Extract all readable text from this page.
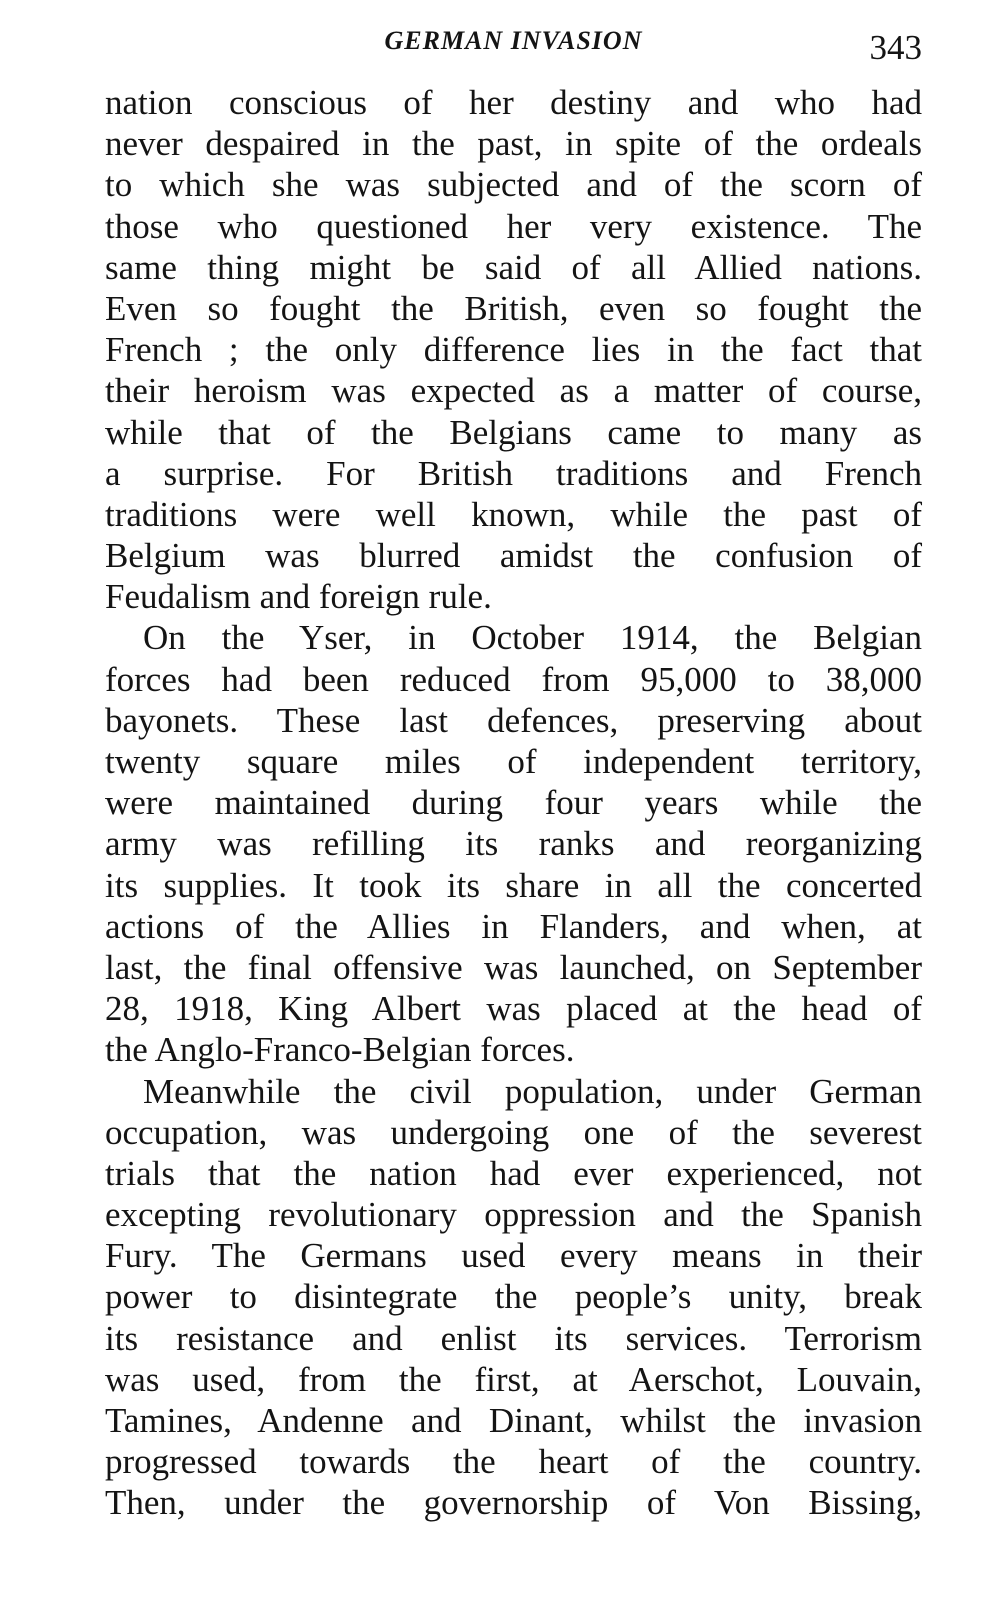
GERMAN INVASION	343
nation conscious of her destiny and who had
never despaired in the past, in spite of the ordeals
to which she was subjected and of the scorn of
those who questioned her very existence. The
same thing might be said of all Allied nations.
Even so fought the British, even so fought the
French ; the only difference lies in the fact that
their heroism was expected as a matter of course,
while that of the Belgians came to many as
a surprise. For British traditions and French
traditions were well known, while the past of
Belgium was blurred amidst the confusion of
Feudalism and foreign rule.
On the Yser, in October 1914, the Belgian
forces had been reduced from 95,000 to 38,000
bayonets. These last defences, preserving about
twenty square miles of independent territory,
were maintained during four years while the
army was refilling its ranks and reorganizing
its supplies. It took its share in all the concerted
actions of the Allies in Flanders, and when, at
last, the final offensive was launched, on September
28, 1918, King Albert was placed at the head of
the Anglo-Franco-Belgian forces.
Meanwhile the civil population, under German
occupation, was undergoing one of the severest
trials that the nation had ever experienced, not
excepting revolutionary oppression and the Spanish
Fury. The Germans used every means in their
power to disintegrate the people’s unity, break
its resistance and enlist its services. Terrorism
was used, from the first, at Aerschot, Louvain,
Tamines, Andenne and Dinant, whilst the invasion
progressed towards the heart of the country.
Then, under the governorship of Von Bissing,
